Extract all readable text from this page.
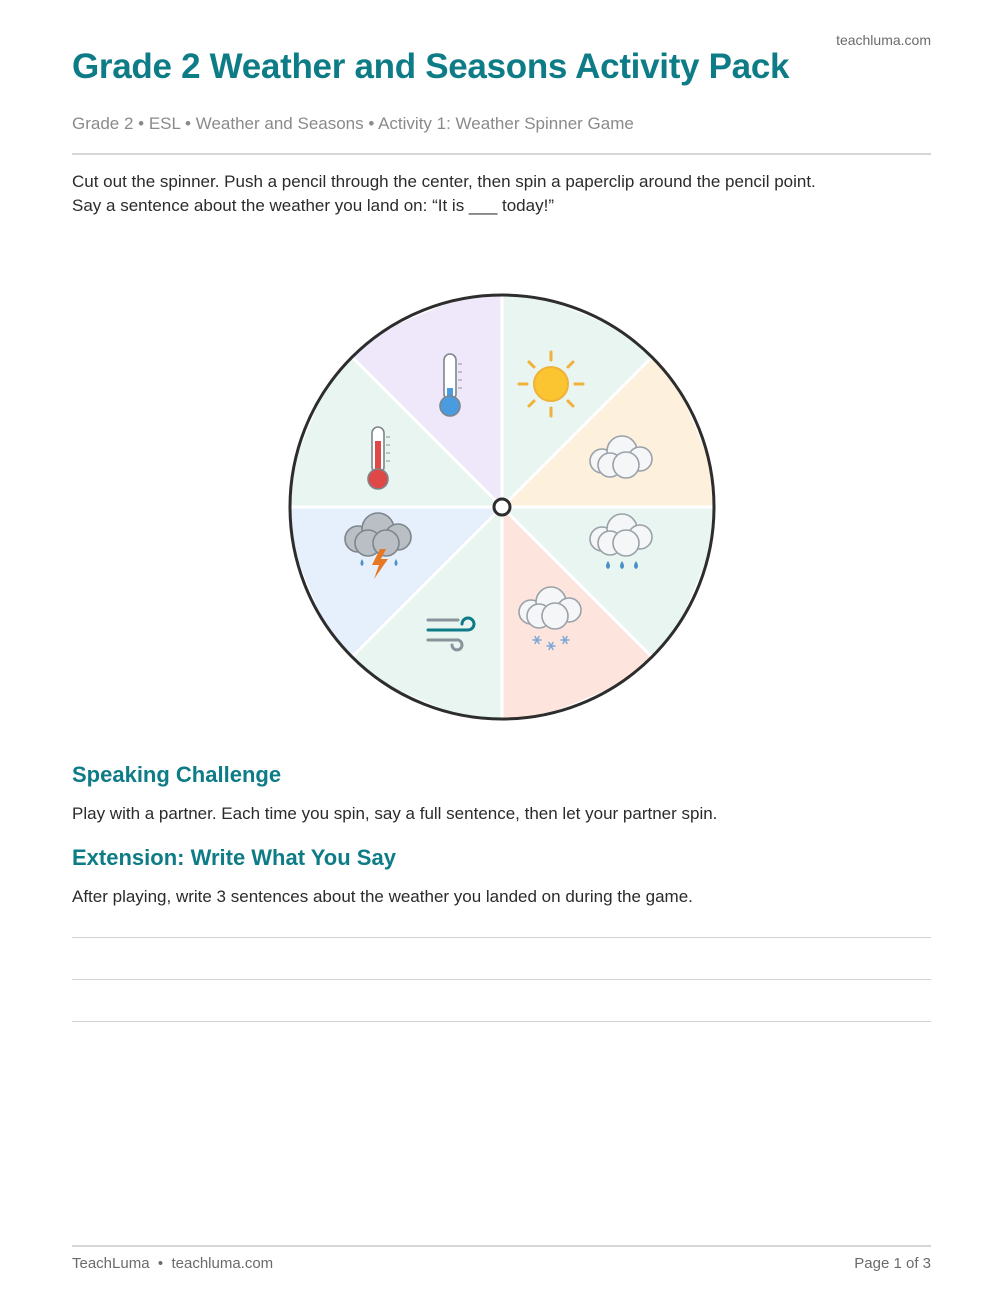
teachluma.com
Grade 2 Weather and Seasons Activity Pack
Grade 2 • ESL • Weather and Seasons • Activity 1: Weather Spinner Game

Cut out the spinner. Push a pencil through the center, then spin a paperclip around the pencil point.

Say a sentence about the weather you land on: “It is ___ today!”

Speaking Challenge
Play with a partner. Each time you spin, say a full sentence, then let your partner spin.
Extension: Write What You Say
After playing, write 3 sentences about the weather you landed on during the game.
TeachLuma  •  teachluma.com	Page 1 of 3
